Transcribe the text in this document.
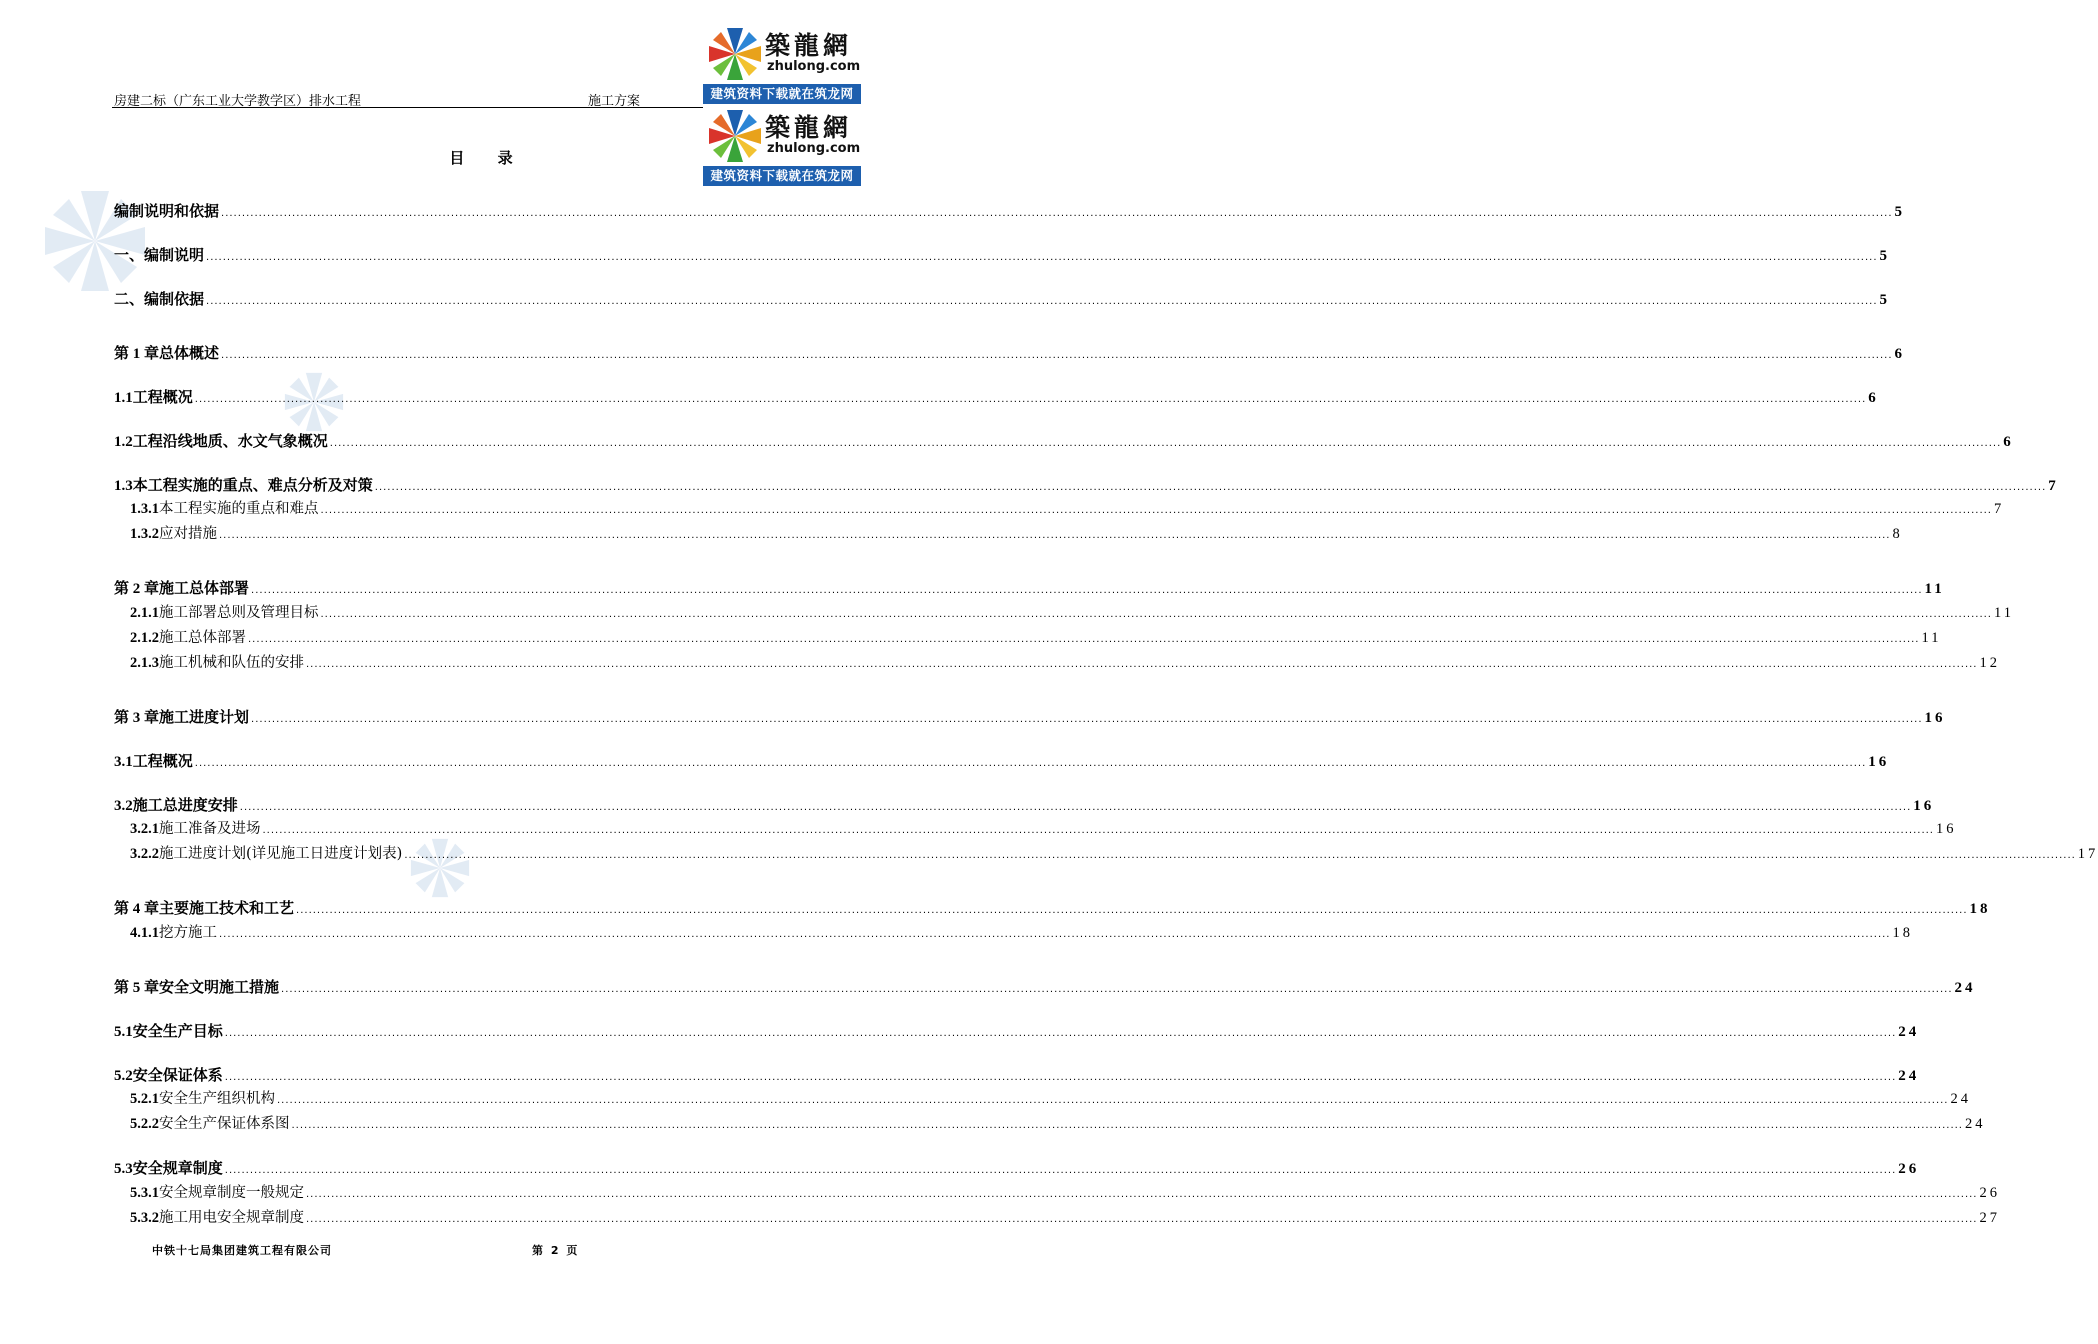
房建二标（广东工业大学教学区）排水工程	施工方案
築龍網
zhulong.com
建筑资料下载就在筑龙网
築龍網
zhulong.com
建筑资料下载就在筑龙网
目 录
编制说明和依据 ................................................................................................................................................................................................................................................................................................................................................................................................................ 5
一、编制说明 ................................................................................................................................................................................................................................................................................................................................................................................................................ 5
二、编制依据 ................................................................................................................................................................................................................................................................................................................................................................................................................ 5
第 1 章 总体概述 ................................................................................................................................................................................................................................................................................................................................................................................................................ 6
1.1 工程概况 ................................................................................................................................................................................................................................................................................................................................................................................................................ 6
1.2 工程沿线地质、水文气象概况 ................................................................................................................................................................................................................................................................................................................................................................................................................ 6
1.3 本工程实施的重点、难点分析及对策 ................................................................................................................................................................................................................................................................................................................................................................................................................ 7
1.3.1 本工程实施的重点和难点 ................................................................................................................................................................................................................................................................................................................................................................................................................ 7
1.3.2 应对措施 ................................................................................................................................................................................................................................................................................................................................................................................................................ 8
第 2 章 施工总体部署 ................................................................................................................................................................................................................................................................................................................................................................................................................ 11
2.1.1 施工部署总则及管理目标 ................................................................................................................................................................................................................................................................................................................................................................................................................ 11
2.1.2 施工总体部署 ................................................................................................................................................................................................................................................................................................................................................................................................................ 11
2.1.3 施工机械和队伍的安排 ................................................................................................................................................................................................................................................................................................................................................................................................................ 12
第 3 章 施工进度计划 ................................................................................................................................................................................................................................................................................................................................................................................................................ 16
3.1 工程概况 ................................................................................................................................................................................................................................................................................................................................................................................................................ 16
3.2 施工总进度安排 ................................................................................................................................................................................................................................................................................................................................................................................................................ 16
3.2.1 施工准备及进场 ................................................................................................................................................................................................................................................................................................................................................................................................................ 16
3.2.2 施工进度计划(详见施工日进度计划表) ................................................................................................................................................................................................................................................................................................................................................................................................................ 17
第 4 章 主要施工技术和工艺 ................................................................................................................................................................................................................................................................................................................................................................................................................ 18
4.1.1 挖方施工 ................................................................................................................................................................................................................................................................................................................................................................................................................ 18
第 5 章 安全文明施工措施 ................................................................................................................................................................................................................................................................................................................................................................................................................ 24
5.1 安全生产目标 ................................................................................................................................................................................................................................................................................................................................................................................................................ 24
5.2 安全保证体系 ................................................................................................................................................................................................................................................................................................................................................................................................................ 24
5.2.1 安全生产组织机构 ................................................................................................................................................................................................................................................................................................................................................................................................................ 24
5.2.2 安全生产保证体系图 ................................................................................................................................................................................................................................................................................................................................................................................................................ 24
5.3 安全规章制度 ................................................................................................................................................................................................................................................................................................................................................................................................................ 26
5.3.1 安全规章制度一般规定 ................................................................................................................................................................................................................................................................................................................................................................................................................ 26
5.3.2 施工用电安全规章制度 ................................................................................................................................................................................................................................................................................................................................................................................................................ 27
中铁十七局集团建筑工程有限公司	第 2 页
